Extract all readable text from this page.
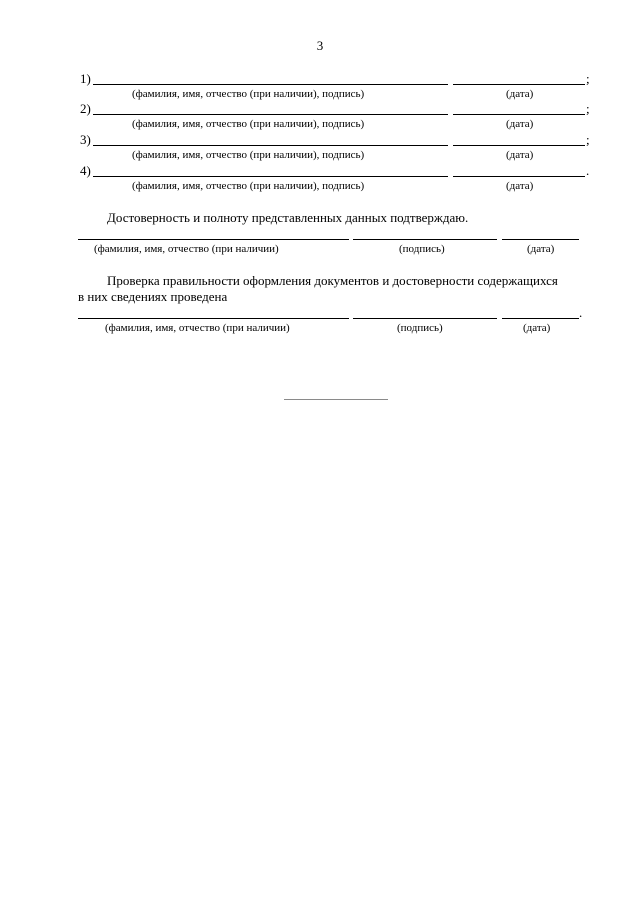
3
1)	;
(фамилия, имя, отчество (при наличии), подпись)	(дата)
2)	;
(фамилия, имя, отчество (при наличии), подпись)	(дата)
3)	;
(фамилия, имя, отчество (при наличии), подпись)	(дата)
4)	.
(фамилия, имя, отчество (при наличии), подпись)	(дата)
Достоверность и полноту представленных данных подтверждаю.
(фамилия, имя, отчество (при наличии)	(подпись)	(дата)
Проверка правильности оформления документов и достоверности содержащихся
в них сведениях проведена
.
(фамилия, имя, отчество (при наличии)	(подпись)	(дата)
